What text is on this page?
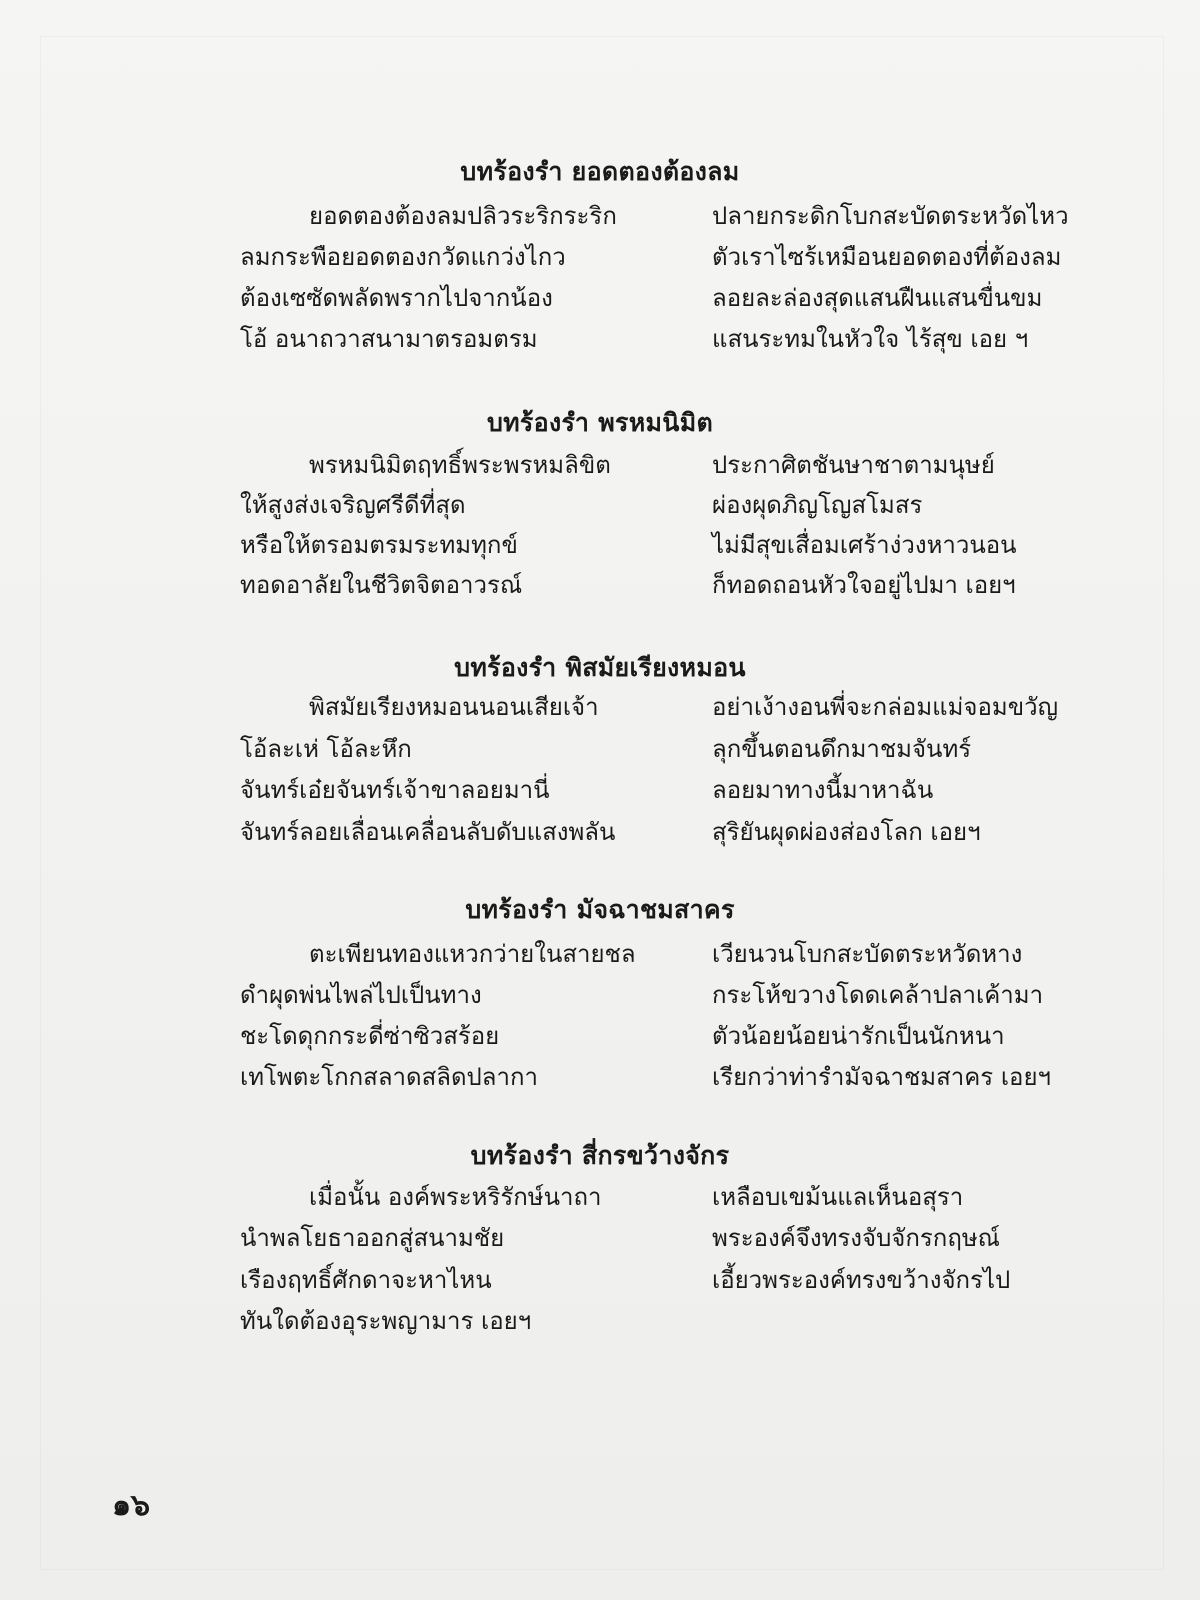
บทร้องรำ ยอดตองต้องลม
ยอดตองต้องลมปลิวระริกระริก	ปลายกระดิกโบกสะบัดตระหวัดไหว
ลมกระพือยอดตองกวัดแกว่งไกว	ตัวเราไซร้เหมือนยอดตองที่ต้องลม
ต้องเซซัดพลัดพรากไปจากน้อง	ลอยละล่องสุดแสนฝืนแสนขื่นขม
โอ้ อนาถวาสนามาตรอมตรม	แสนระทมในหัวใจ ไร้สุข เอย ฯ
บทร้องรำ พรหมนิมิต
พรหมนิมิตฤทธิ์พระพรหมลิขิต	ประกาศิตชันษาชาตามนุษย์
ให้สูงส่งเจริญศรีดีที่สุด	ผ่องผุดภิญโญสโมสร
หรือให้ตรอมตรมระทมทุกข์	ไม่มีสุขเสื่อมเศร้าง่วงหาวนอน
ทอดอาลัยในชีวิตจิตอาวรณ์	ก็ทอดถอนหัวใจอยู่ไปมา เอยฯ
บทร้องรำ พิสมัยเรียงหมอน
พิสมัยเรียงหมอนนอนเสียเจ้า	อย่าเง้างอนพี่จะกล่อมแม่จอมขวัญ
โอ้ละเห่ โอ้ละหึก	ลุกขึ้นตอนดึกมาชมจันทร์
จันทร์เอ๋ยจันทร์เจ้าขาลอยมานี่	ลอยมาทางนี้มาหาฉัน
จันทร์ลอยเลื่อนเคลื่อนลับดับแสงพลัน	สุริยันผุดผ่องส่องโลก เอยฯ
บทร้องรำ มัจฉาชมสาคร
ตะเพียนทองแหวกว่ายในสายชล	เวียนวนโบกสะบัดตระหวัดหาง
ดำผุดพ่นไพล่ไปเป็นทาง	กระโห้ขวางโดดเคล้าปลาเค้ามา
ชะโดดุกกระดี่ซ่าซิวสร้อย	ตัวน้อยน้อยน่ารักเป็นนักหนา
เทโพตะโกกสลาดสลิดปลากา	เรียกว่าท่ารำมัจฉาชมสาคร เอยฯ
บทร้องรำ สี่กรขว้างจักร
เมื่อนั้น องค์พระหริรักษ์นาถา	เหลือบเขม้นแลเห็นอสุรา
นำพลโยธาออกสู่สนามชัย	พระองค์จึงทรงจับจักรกฤษณ์
เรืองฤทธิ์ศักดาจะหาไหน	เอี้ยวพระองค์ทรงขว้างจักรไป
ทันใดต้องอุระพญามาร เอยฯ
๑๖
